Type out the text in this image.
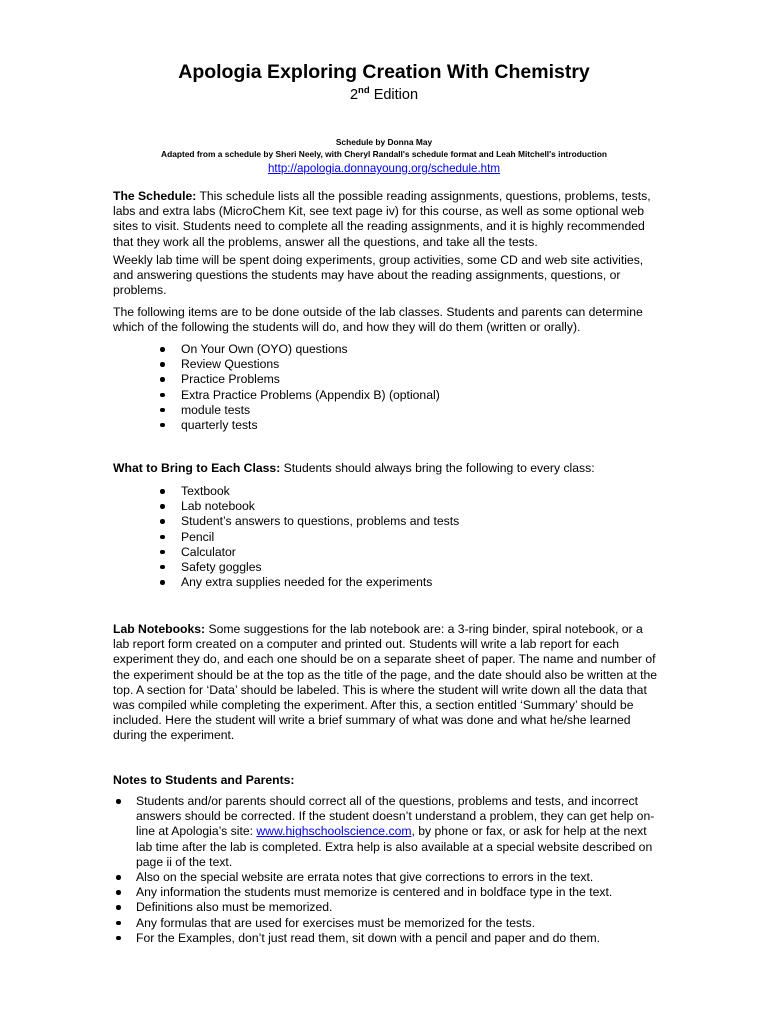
Apologia Exploring Creation With Chemistry
2nd Edition
Schedule by Donna May
Adapted from a schedule by Sheri Neely, with Cheryl Randall's schedule format and Leah Mitchell's introduction
http://apologia.donnayoung.org/schedule.htm

The Schedule: This schedule lists all the possible reading assignments, questions, problems, tests, labs and extra labs (MicroChem Kit, see text page iv) for this course, as well as some optional web sites to visit. Students need to complete all the reading assignments, and it is highly recommended that they work all the problems, answer all the questions, and take all the tests.

Weekly lab time will be spent doing experiments, group activities, some CD and web site activities, and answering questions the students may have about the reading assignments, questions, or problems.

The following items are to be done outside of the lab classes. Students and parents can determine which of the following the students will do, and how they will do them (written or orally).

On Your Own (OYO) questions
Review Questions
Practice Problems
Extra Practice Problems (Appendix B) (optional)
module tests
quarterly tests

What to Bring to Each Class: Students should always bring the following to every class:

Textbook
Lab notebook
Student’s answers to questions, problems and tests
Pencil
Calculator
Safety goggles
Any extra supplies needed for the experiments

Lab Notebooks: Some suggestions for the lab notebook are: a 3-ring binder, spiral notebook, or a lab report form created on a computer and printed out. Students will write a lab report for each experiment they do, and each one should be on a separate sheet of paper. The name and number of the experiment should be at the top as the title of the page, and the date should also be written at the top. A section for ‘Data’ should be labeled. This is where the student will write down all the data that was compiled while completing the experiment. After this, a section entitled ‘Summary’ should be included. Here the student will write a brief summary of what was done and what he/she learned during the experiment.

Notes to Students and Parents:

Students and/or parents should correct all of the questions, problems and tests, and incorrect answers should be corrected. If the student doesn’t understand a problem, they can get help on-line at Apologia’s site: www.highschoolscience.com, by phone or fax, or ask for help at the next lab time after the lab is completed. Extra help is also available at a special website described on page ii of the text.
Also on the special website are errata notes that give corrections to errors in the text.
Any information the students must memorize is centered and in boldface type in the text.
Definitions also must be memorized.
Any formulas that are used for exercises must be memorized for the tests.
For the Examples, don’t just read them, sit down with a pencil and paper and do them.
